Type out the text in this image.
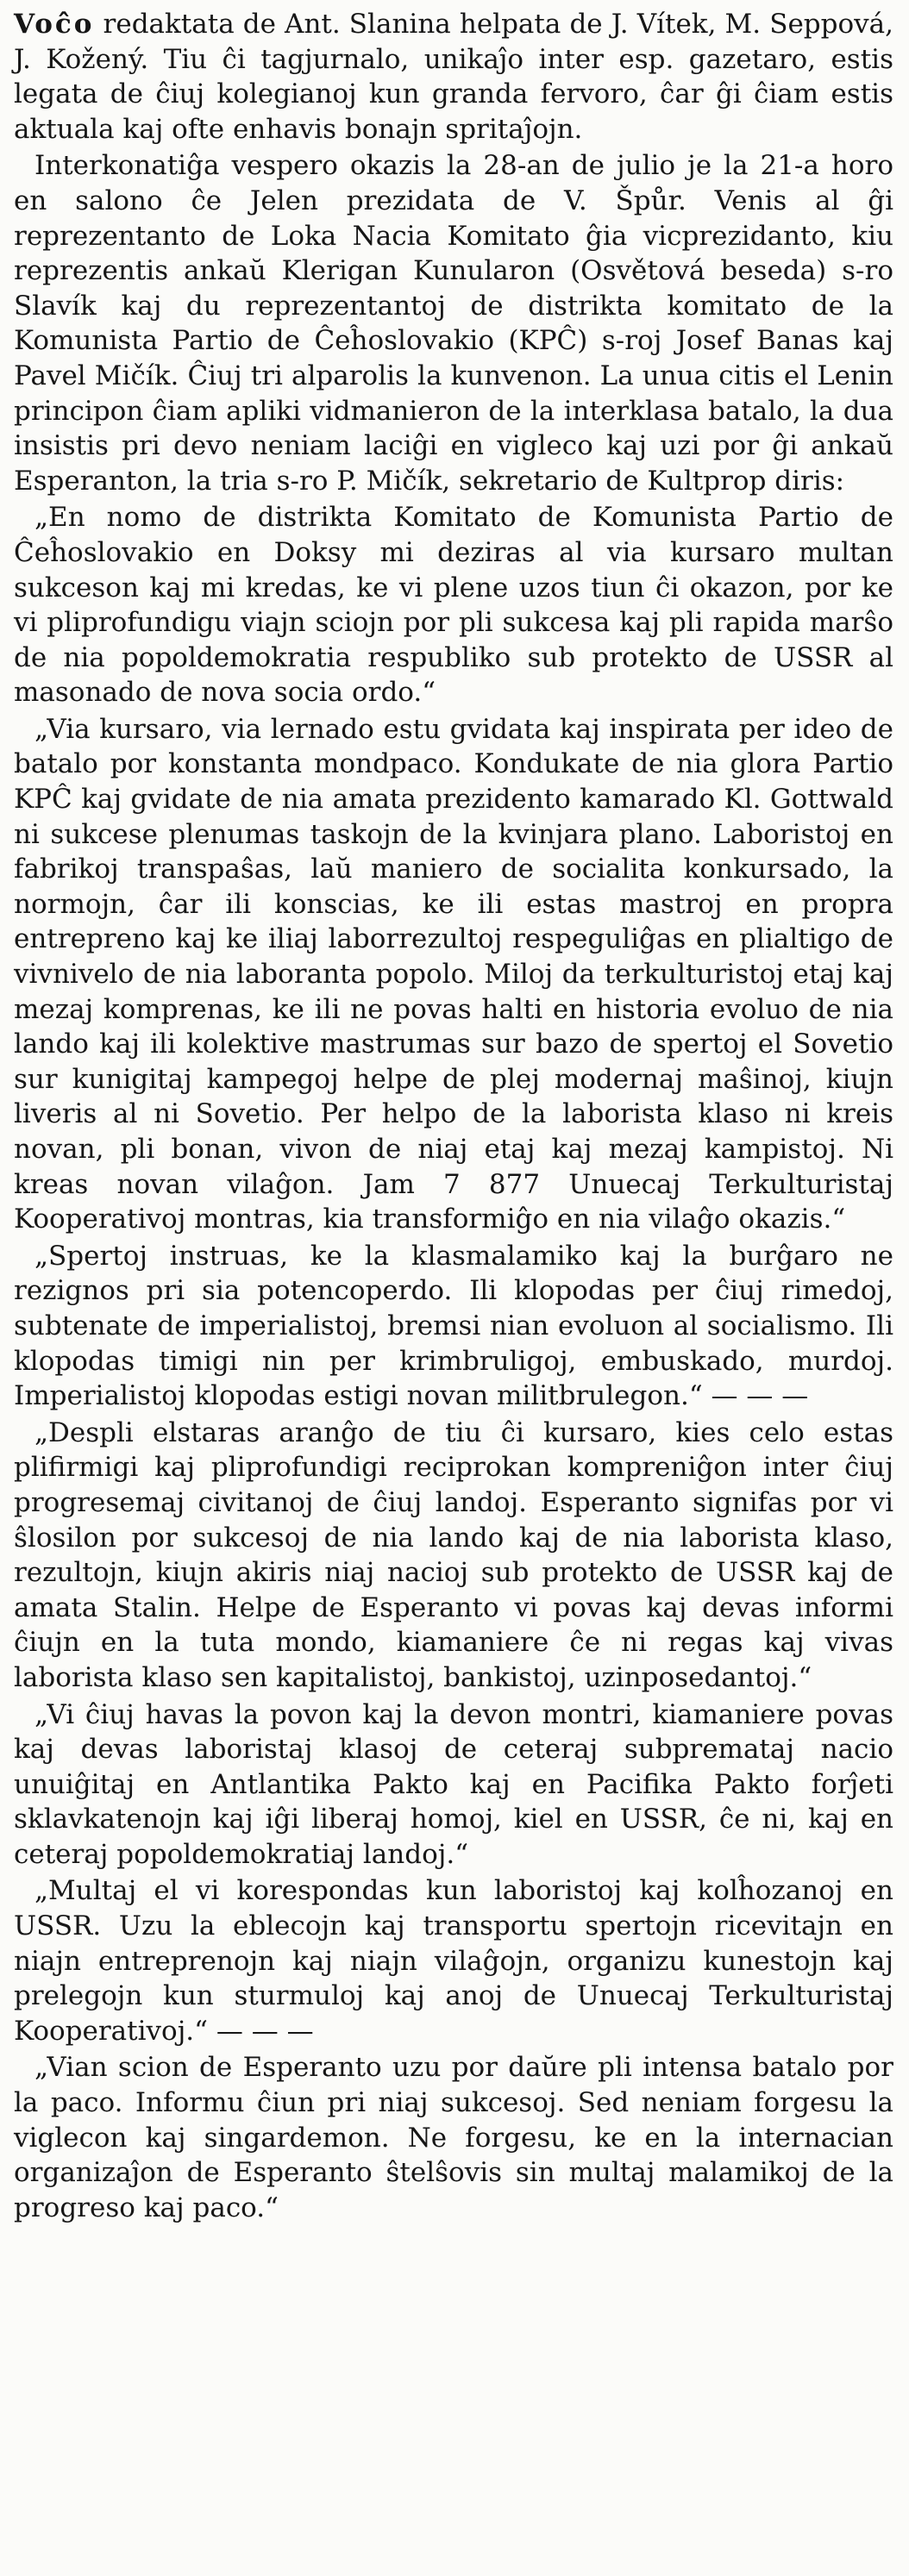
Voĉo redaktata de Ant. Slanina helpata de J. Vítek, M. Seppová, J. Kožený. Tiu ĉi tagjurnalo, unikaĵo inter esp. gazetaro, estis legata de ĉiuj kolegianoj kun granda fervoro, ĉar ĝi ĉiam estis aktuala kaj ofte enhavis bonajn spritaĵojn.

Interkonatiĝa vespero okazis la 28-an de julio je la 21-a horo en salono ĉe Jelen prezidata de V. Špůr. Venis al ĝi reprezentanto de Loka Nacia Komitato ĝia vicprezidanto, kiu reprezentis ankaŭ Klerigan Kunularon (Osvětová beseda) s-ro Slavík kaj du reprezentantoj de distrikta komitato de la Komunista Partio de Ĉeĥoslovakio (KPĈ) s-roj Josef Banas kaj Pavel Mičík. Ĉiuj tri alparolis la kunvenon. La unua citis el Lenin principon ĉiam apliki vidmanieron de la interklasa batalo, la dua insistis pri devo neniam laciĝi en vigleco kaj uzi por ĝi ankaŭ Esperanton, la tria s-ro P. Mičík, sekretario de Kultprop diris:

„En nomo de distrikta Komitato de Komunista Partio de Ĉeĥoslovakio en Doksy mi deziras al via kursaro multan sukceson kaj mi kredas, ke vi plene uzos tiun ĉi okazon, por ke vi pliprofundigu viajn sciojn por pli sukcesa kaj pli rapida marŝo de nia popoldemokratia respubliko sub protekto de USSR al masonado de nova socia ordo.“

„Via kursaro, via lernado estu gvidata kaj inspirata per ideo de batalo por konstanta mondpaco. Kondukate de nia glora Partio KPĈ kaj gvidate de nia amata prezidento kamarado Kl. Gottwald ni sukcese plenumas taskojn de la kvinjara plano. Laboristoj en fabrikoj transpaŝas, laŭ maniero de socialita konkursado, la normojn, ĉar ili konscias, ke ili estas mastroj en propra entrepreno kaj ke iliaj laborrezultoj respeguliĝas en plialtigo de vivnivelo de nia laboranta popolo. Miloj da terkulturistoj etaj kaj mezaj komprenas, ke ili ne povas halti en historia evoluo de nia lando kaj ili kolektive mastrumas sur bazo de spertoj el Sovetio sur kunigitaj kampegoj helpe de plej modernaj maŝinoj, kiujn liveris al ni Sovetio. Per helpo de la laborista klaso ni kreis novan, pli bonan, vivon de niaj etaj kaj mezaj kampistoj. Ni kreas novan vilaĝon. Jam 7 877 Unuecaj Terkulturistaj Kooperativoj montras, kia transformiĝo en nia vilaĝo okazis.“

„Spertoj instruas, ke la klasmalamiko kaj la burĝaro ne rezignos pri sia potencoperdo. Ili klopodas per ĉiuj rimedoj, subtenate de imperialistoj, bremsi nian evoluon al socialismo. Ili klopodas timigi nin per krimbruligoj, embuskado, murdoj. Imperialistoj klopodas estigi novan militbrulegon.“ — — —

„Despli elstaras aranĝo de tiu ĉi kursaro, kies celo estas plifirmigi kaj pliprofundigi reciprokan kompreniĝon inter ĉiuj progresemaj civitanoj de ĉiuj landoj. Esperanto signifas por vi ŝlosilon por sukcesoj de nia lando kaj de nia laborista klaso, rezultojn, kiujn akiris niaj nacioj sub protekto de USSR kaj de amata Stalin. Helpe de Esperanto vi povas kaj devas informi ĉiujn en la tuta mondo, kiamaniere ĉe ni regas kaj vivas laborista klaso sen kapitalistoj, bankistoj, uzinposedantoj.“

„Vi ĉiuj havas la povon kaj la devon montri, kiamaniere povas kaj devas laboristaj klasoj de ceteraj subpremataj nacio unuiĝitaj en Antlantika Pakto kaj en Pacifika Pakto forĵeti sklavkatenojn kaj iĝi liberaj homoj, kiel en USSR, ĉe ni, kaj en ceteraj popoldemokratiaj landoj.“

„Multaj el vi korespondas kun laboristoj kaj kolĥozanoj en USSR. Uzu la eblecojn kaj transportu spertojn ricevitajn en niajn entreprenojn kaj niajn vilaĝojn, organizu kunestojn kaj prelegojn kun sturmuloj kaj anoj de Unuecaj Terkulturistaj Kooperativoj.“ — — —

„Vian scion de Esperanto uzu por daŭre pli intensa batalo por la paco. Informu ĉiun pri niaj sukcesoj. Sed neniam forgesu la viglecon kaj singardemon. Ne forgesu, ke en la internacian organizaĵon de Esperanto ŝtelŝovis sin multaj malamikoj de la progreso kaj paco.“
